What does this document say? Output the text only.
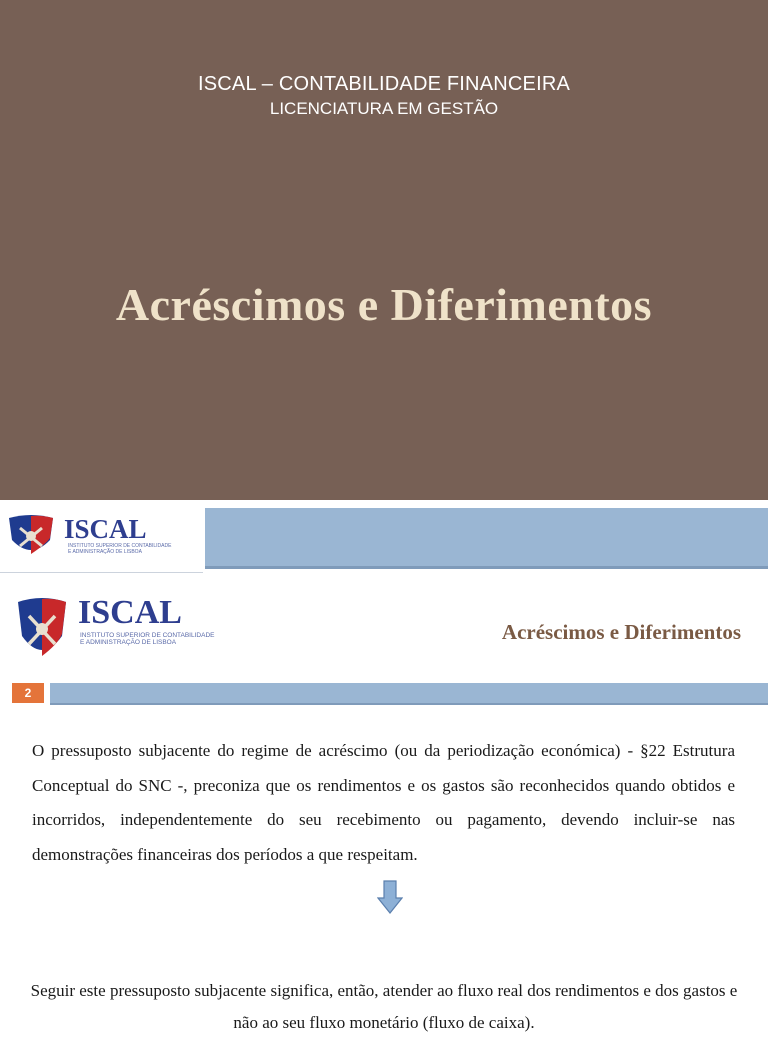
ISCAL – CONTABILIDADE FINANCEIRA
LICENCIATURA EM GESTÃO
Acréscimos e Diferimentos
ISCAL
INSTITUTO SUPERIOR DE CONTABILIDADE
E ADMINISTRAÇÃO DE LISBOA
ISCAL
INSTITUTO SUPERIOR DE CONTABILIDADE
E ADMINISTRAÇÃO DE LISBOA	Acréscimos e Diferimentos
2

O pressuposto subjacente do regime de acréscimo (ou da periodização económica) - §22 Estrutura Conceptual do SNC -, preconiza que os rendimentos e os gastos são reconhecidos quando obtidos e incorridos, independentemente do seu recebimento ou pagamento, devendo incluir-se nas demonstrações financeiras dos períodos a que respeitam.

Seguir este pressuposto subjacente significa, então, atender ao fluxo real dos rendimentos e dos gastos e não ao seu fluxo monetário (fluxo de caixa).
